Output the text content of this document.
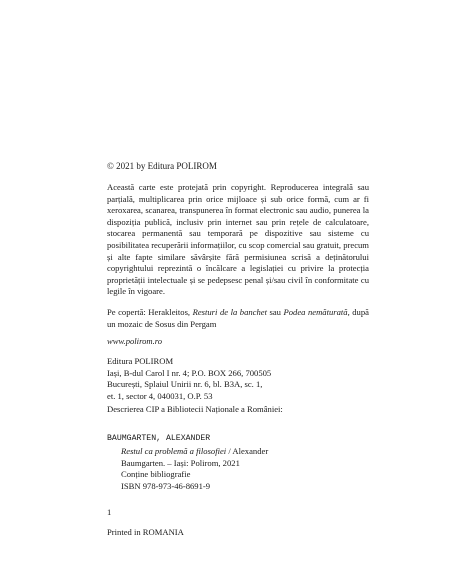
© 2021 by Editura POLIROM
Această carte este protejată prin copyright. Reproducerea integrală sau parțială, multiplicarea prin orice mijloace și sub orice formă, cum ar fi xeroxarea, scanarea, transpunerea în format electronic sau audio, punerea la dispoziția publică, inclusiv prin internet sau prin rețele de calculatoare, stocarea permanentă sau temporară pe dispozitive sau sisteme cu posibilitatea recuperării informațiilor, cu scop comercial sau gratuit, precum și alte fapte similare săvârșite fără permisiunea scrisă a deținătorului copyrightului reprezintă o încălcare a legislației cu privire la protecția proprietății intelectuale și se pedepsesc penal și/sau civil în conformitate cu legile în vigoare.
Pe copertă: Herakleitos, Resturi de la banchet sau Podea nemăturată, după un mozaic de Sosus din Pergam
www.polirom.ro
Editura POLIROM
Iași, B-dul Carol I nr. 4; P.O. BOX 266, 700505
București, Splaiul Unirii nr. 6, bl. B3A, sc. 1,
et. 1, sector 4, 040031, O.P. 53
Descrierea CIP a Bibliotecii Naționale a României:
BAUMGARTEN, ALEXANDER
Restul ca problemă a filosofiei / Alexander
Baumgarten. – Iași: Polirom, 2021
Conține bibliografie
ISBN 978-973-46-8691-9
1
Printed in ROMANIA
